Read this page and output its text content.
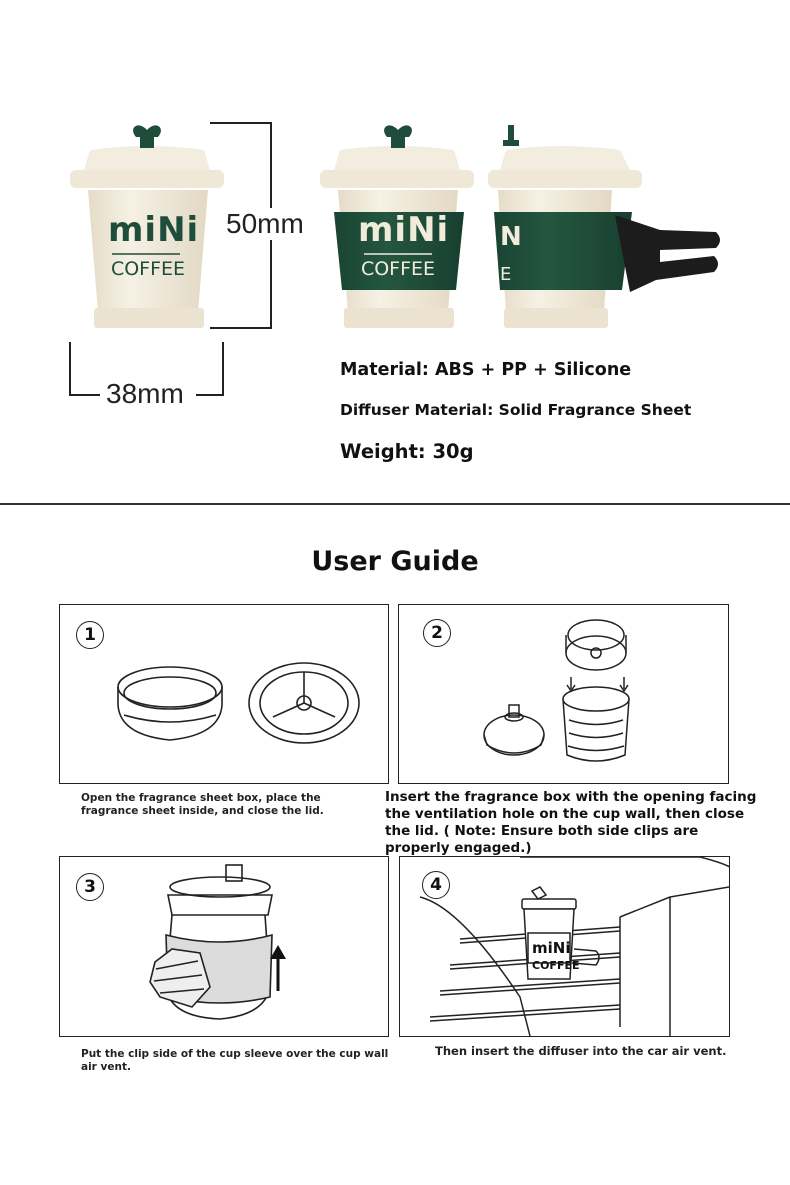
N
E
miNi
COFFEE
miNi
COFFEE
50mm
38mm
Material: ABS + PP + Silicone
Diffuser Material: Solid Fragrance Sheet
Weight: 30g
User Guide
1
Open the fragrance sheet box, place the fragrance sheet inside, and close the lid.
2
Insert the fragrance box with the opening facing the ventilation hole on the cup wall, then close the lid. ( Note: Ensure both side clips are properly engaged.)
3
Put the clip side of the cup sleeve over the cup wall air vent.
4
miNi
COFFEE
Then insert the diffuser into the car air vent.
